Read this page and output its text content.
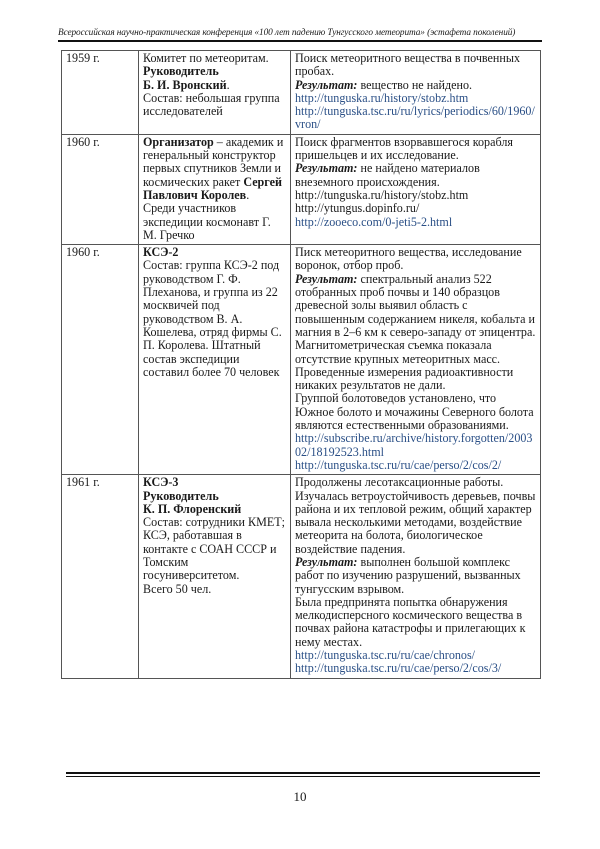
Всероссийская научно-практическая конференция «100 лет падению Тунгусского метеорита» (эстафета поколений)
1959 г.	Комитет по метеоритам.
Руководитель
Б. И. Вронский.
Состав: небольшая группа исследователей	Поиск метеоритного вещества в почвенных пробах.
Результат: вещество не найдено.
http://tunguska.ru/history/stobz.htm
http://tunguska.tsc.ru/ru/lyrics/periodics/60/1960/vron/
1960 г.	Организатор – академик и генеральный конструктор первых спутников Земли и космических ракет Сергей Павлович Королев.
Среди участников экспедиции космонавт Г. М. Гречко	Поиск фрагментов взорвавшегося корабля пришельцев и их исследование.
Результат: не найдено материалов внеземного происхождения.
http://tunguska.ru/history/stobz.htm
http://ytungus.dopinfo.ru/
http://zooeco.com/0-jeti5-2.html

1960 г.	КСЭ-2
Состав: группа КСЭ-2 под руководством Г. Ф. Плеханова, и группа из 22 москвичей под руководством В. А. Кошелева, отряд фирмы С. П. Королева. Штатный состав экспедиции составил более 70 человек	Писк метеоритного вещества, исследование воронок, отбор проб.
Результат: спектральный анализ 522 отобранных проб почвы и 140 образцов древесной золы выявил область с повышенным содержанием никеля, кобальта и магния в 2–6 км к северо-западу от эпицентра. Магнитометрическая съемка показала отсутствие крупных метеоритных масс. Проведенные измерения радиоактивности никаких результатов не дали.
Группой болотоведов установлено, что Южное болото и мочажины Северного болота являются естественными образованиями.
http://subscribe.ru/archive/history.forgotten/200302/18192523.html
http://tunguska.tsc.ru/ru/cae/perso/2/cos/2/
1961 г.	КСЭ-3
Руководитель
К. П. Флоренский
Состав: сотрудники КМЕТ; КСЭ, работавшая в контакте с СОАН СССР и Томским госуниверситетом.
Всего 50 чел.	Продолжены лесотаксационные работы. Изучалась ветроустойчивость деревьев, почвы района и их тепловой режим, общий характер вывала несколькими методами, воздействие метеорита на болота, биологическое воздействие падения.
Результат: выполнен большой комплекс работ по изучению разрушений, вызванных тунгусским взрывом.
Была предпринята попытка обнаружения мелкодисперсного космического вещества в почвах района катастрофы и прилегающих к нему местах.
http://tunguska.tsc.ru/ru/cae/chronos/
http://tunguska.tsc.ru/ru/cae/perso/2/cos/3/
10
